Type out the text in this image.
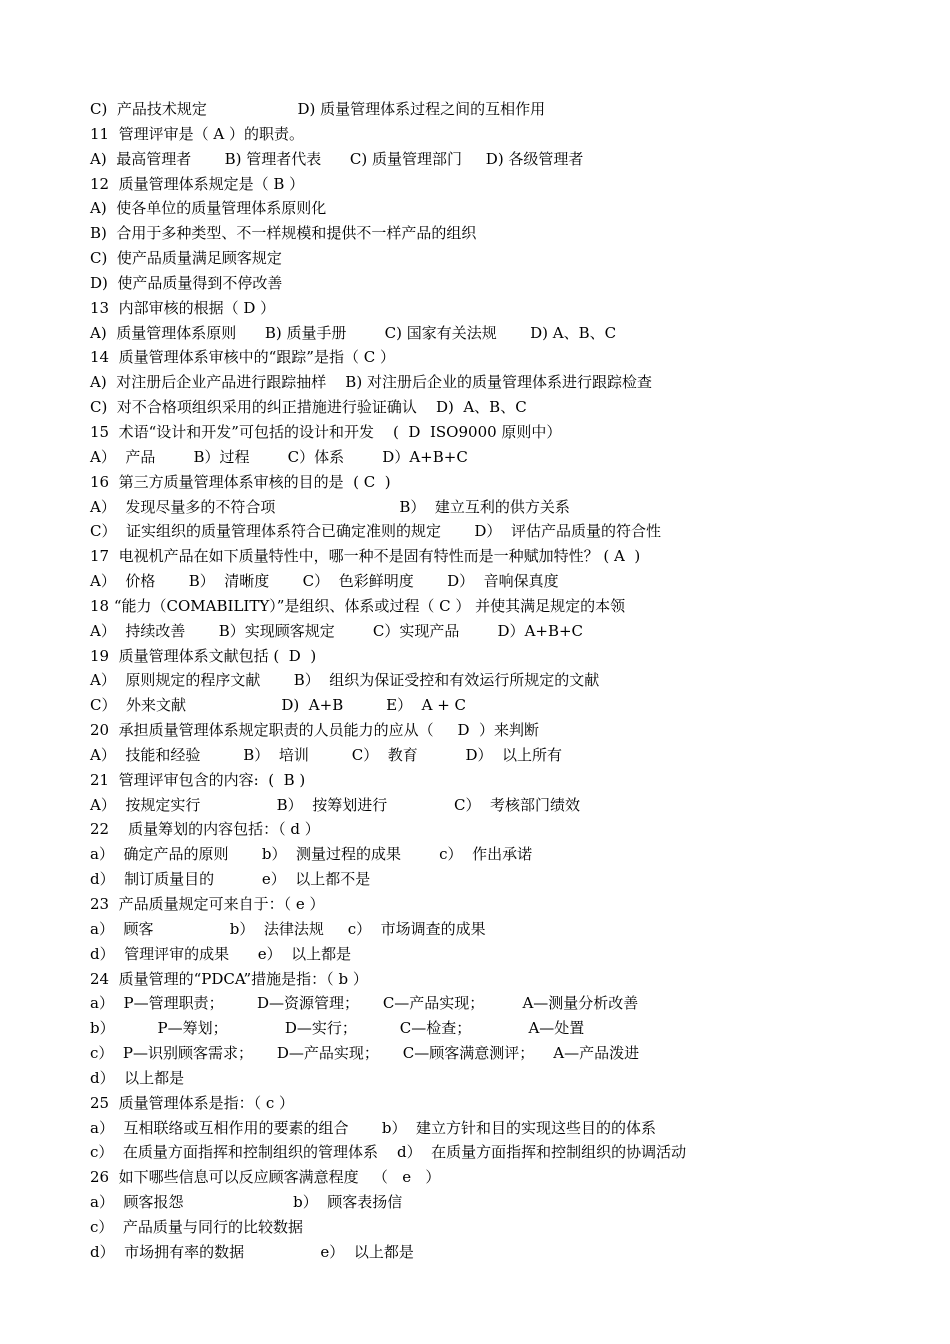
C)  产品技术规定                   D) 质量管理体系过程之间的互相作用
11  管理评审是（ A ）的职责。
A)  最高管理者       B) 管理者代表      C) 质量管理部门     D) 各级管理者
12  质量管理体系规定是（ B ）
A)  使各单位的质量管理体系原则化
B)  合用于多种类型、不一样规模和提供不一样产品的组织
C)  使产品质量满足顾客规定
D)  使产品质量得到不停改善
13  内部审核的根据（ D ）
A)  质量管理体系原则      B) 质量手册        C) 国家有关法规       D) A、B、C
14  质量管理体系审核中的“跟踪”是指（ C ）
A)  对注册后企业产品进行跟踪抽样    B) 对注册后企业的质量管理体系进行跟踪检查
C)  对不合格项组织采用的纠正措施进行验证确认    D)  A、B、C
15  术语“设计和开发”可包括的设计和开发    (  D  ISO9000 原则中）
A）  产品        B）过程        C）体系        D）A+B+C
16  第三方质量管理体系审核的目的是  ( C  )
A）  发现尽量多的不符合项                          B）  建立互利的供方关系
C）  证实组织的质量管理体系符合已确定准则的规定       D）  评估产品质量的符合性
17  电视机产品在如下质量特性中，哪一种不是固有特性而是一种赋加特性？ ( A  )
A）  价格       B）  清晰度       C）  色彩鲜明度       D）  音响保真度
18 “能力（COMABILITY）”是组织、体系或过程（ C ） 并使其满足规定的本领
A）  持续改善       B）实现顾客规定        C）实现产品        D）A+B+C
19  质量管理体系文献包括 (  D  )
A）  原则规定的程序文献       B）  组织为保证受控和有效运行所规定的文献
C）  外来文献                    D)  A+B         E）  A + C
20  承担质量管理体系规定职责的人员能力的应从（     D  ）来判断
A）  技能和经验         B）  培训         C）  教育          D）  以上所有
21  管理评审包含的内容:  (  B )
A）  按规定实行                B）  按筹划进行              C）  考核部门绩效
22    质量筹划的内容包括：（ d ）
a）  确定产品的原则       b）  测量过程的成果        c）  作出承诺
d）  制订质量目的          e）  以上都不是
23  产品质量规定可来自于：（ e ）
a）  顾客                b）  法律法规     c）  市场调查的成果
d）  管理评审的成果      e）  以上都是
24  质量管理的“PDCA”措施是指：（ b ）
a）  P—管理职责；       D—资源管理；     C—产品实现；        A—测量分析改善
b）         P—筹划；            D—实行；         C—检查；            A—处置
c）  P—识别顾客需求；     D—产品实现；     C—顾客满意测评；    A—产品泼进
d）  以上都是
25  质量管理体系是指：（ c ）
a）  互相联络或互相作用的要素的组合       b）  建立方针和目的实现这些目的的体系
c）  在质量方面指挥和控制组织的管理体系    d）  在质量方面指挥和控制组织的协调活动
26  如下哪些信息可以反应顾客满意程度   （   e   ）
a）  顾客报怨                       b）  顾客表扬信
c）  产品质量与同行的比较数据
d）  市场拥有率的数据                e）  以上都是
